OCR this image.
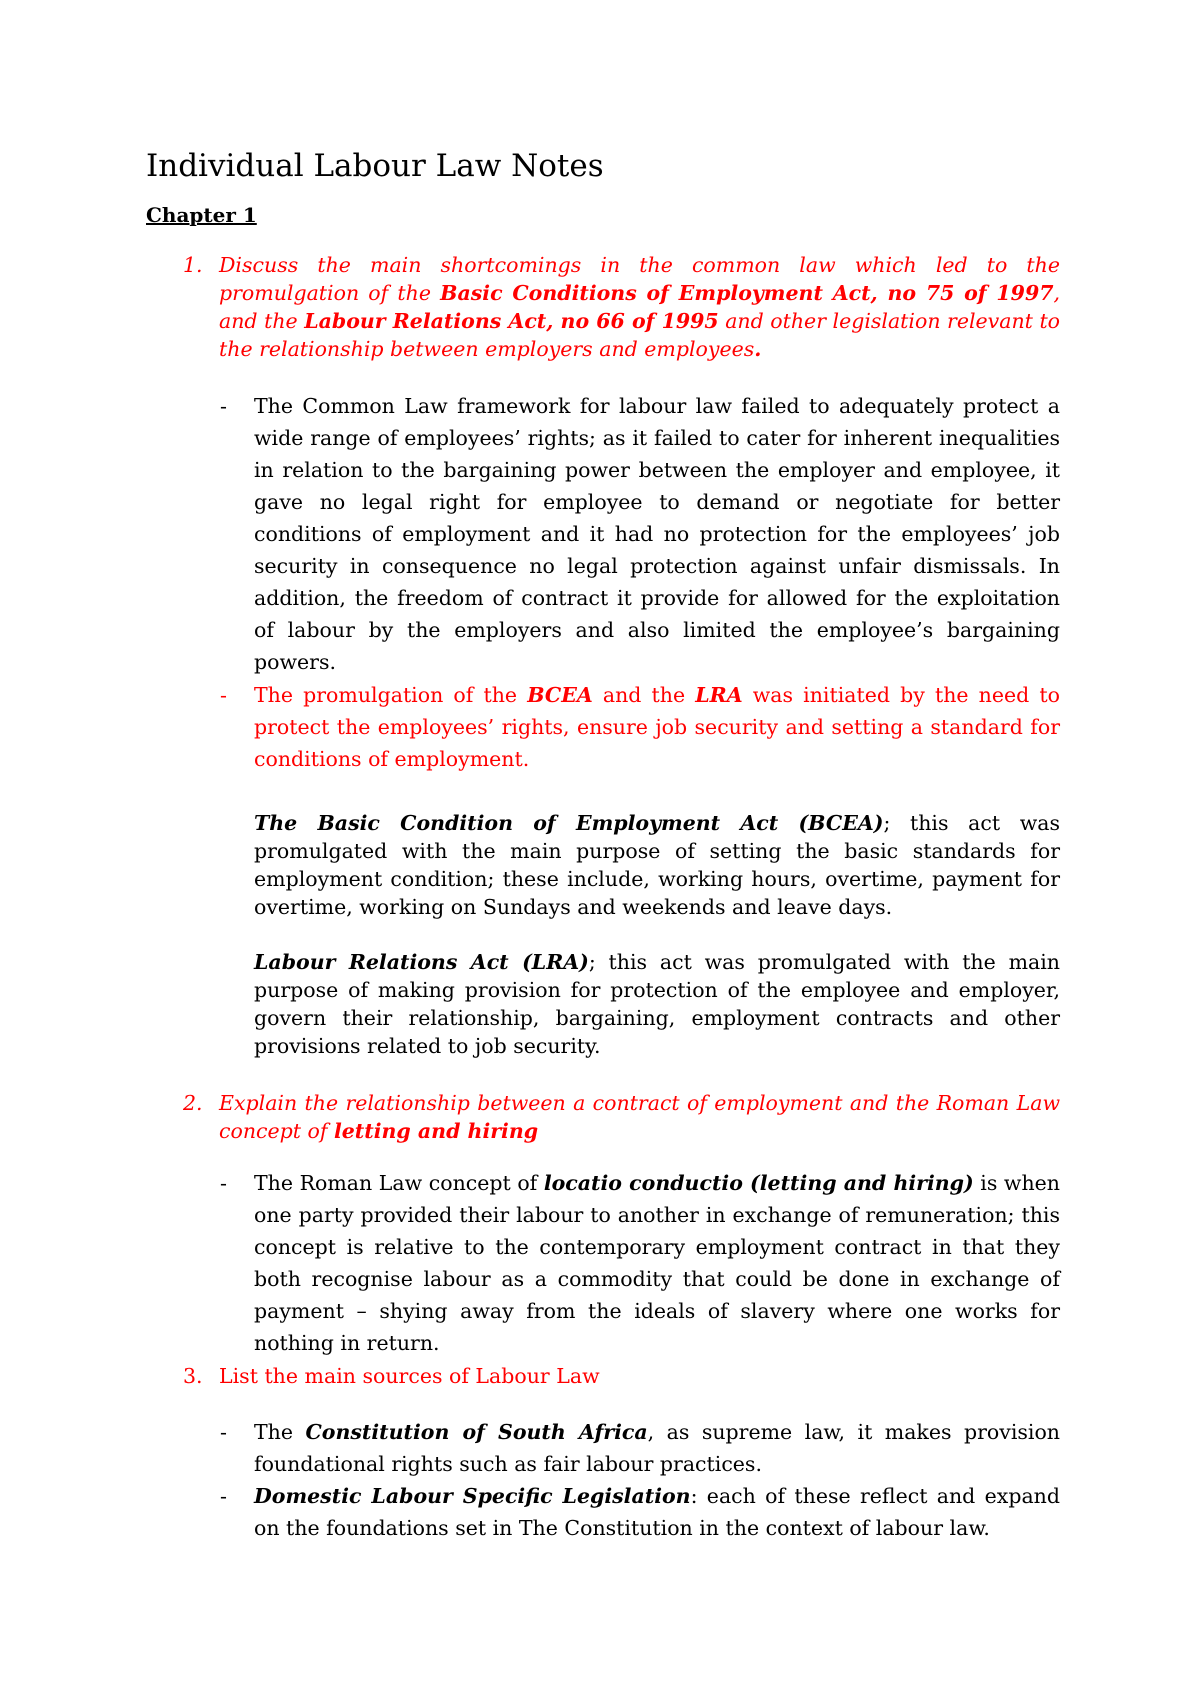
Individual Labour Law Notes
Chapter 1
1. Discuss the main shortcomings in the common law which led to the promulgation of the Basic Conditions of Employment Act, no 75 of 1997, and the Labour Relations Act, no 66 of 1995 and other legislation relevant to the relationship between employers and employees.
- The Common Law framework for labour law failed to adequately protect a wide range of employees’ rights; as it failed to cater for inherent inequalities in relation to the bargaining power between the employer and employee, it gave no legal right for employee to demand or negotiate for better conditions of employment and it had no protection for the employees’ job security in consequence no legal protection against unfair dismissals. In addition, the freedom of contract it provide for allowed for the exploitation of labour by the employers and also limited the employee’s bargaining powers.
- The promulgation of the BCEA and the LRA was initiated by the need to protect the employees’ rights, ensure job security and setting a standard for conditions of employment.
The Basic Condition of Employment Act (BCEA); this act was promulgated with the main purpose of setting the basic standards for employment condition; these include, working hours, overtime, payment for overtime, working on Sundays and weekends and leave days.
Labour Relations Act (LRA); this act was promulgated with the main purpose of making provision for protection of the employee and employer, govern their relationship, bargaining, employment contracts and other provisions related to job security.
2. Explain the relationship between a contract of employment and the Roman Law concept of letting and hiring
- The Roman Law concept of locatio conductio (letting and hiring) is when one party provided their labour to another in exchange of remuneration; this concept is relative to the contemporary employment contract in that they both recognise labour as a commodity that could be done in exchange of payment – shying away from the ideals of slavery where one works for nothing in return.
3. List the main sources of Labour Law
- The Constitution of South Africa, as supreme law, it makes provision foundational rights such as fair labour practices.
- Domestic Labour Specific Legislation: each of these reflect and expand on the foundations set in The Constitution in the context of labour law.
